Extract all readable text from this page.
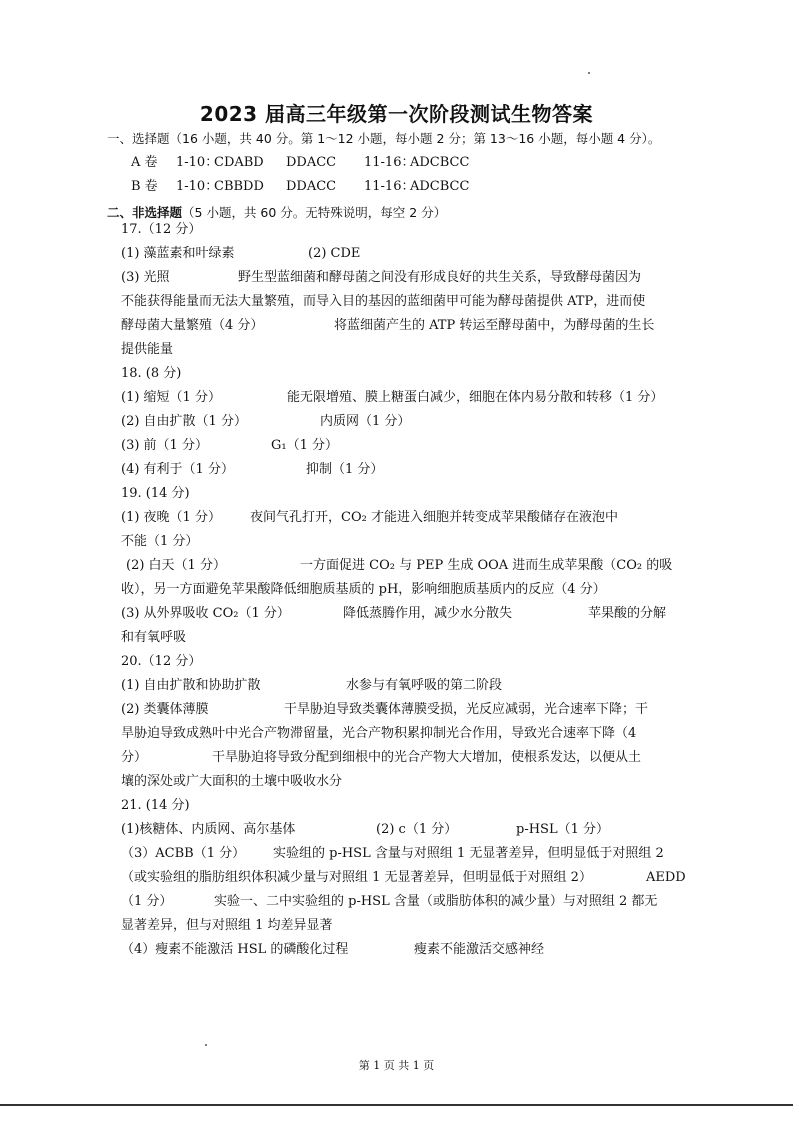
2023 届高三年级第一次阶段测试生物答案
一、选择题（16 小题，共 40 分。第 1～12 小题，每小题 2 分；第 13～16 小题，每小题 4 分）。
A 卷 1-10：
CDABD DDACC 11-16：
ADCBCC
B 卷 1-10：
CBBDD DDACC 11-16：
ADCBCC
二、非选择题（5 小题，共 60 分。无特殊说明，每空 2 分）
17.（12 分）
(1) 藻蓝素和叶绿素	(2) CDE
(3) 光照	野生型蓝细菌和酵母菌之间没有形成良好的共生关系，导致酵母菌因为
不能获得能量而无法大量繁殖，而导入目的基因的蓝细菌甲可能为酵母菌提供 ATP，进而使
酵母菌大量繁殖（4 分）	将蓝细菌产生的 ATP 转运至酵母菌中，为酵母菌的生长
提供能量
18. (8 分)
(1) 缩短（1 分）	能无限增殖、膜上糖蛋白减少，细胞在体内易分散和转移（1 分）
(2) 自由扩散（1 分）	内质网（1 分）
(3) 前（1 分）	G₁（1 分）
(4) 有利于（1 分）	抑制（1 分）
19. (14 分)
(1) 夜晚（1 分） 夜间气孔打开，CO₂ 才能进入细胞并转变成苹果酸储存在液泡中
不能（1 分）
(2) 白天（1 分）	一方面促进 CO₂ 与 PEP 生成 OOA 进而生成苹果酸（CO₂ 的吸
收），另一方面避免苹果酸降低细胞质基质的 pH，影响细胞质基质内的反应（4 分）
(3) 从外界吸收 CO₂（1 分）	降低蒸腾作用，减少水分散失	苹果酸的分解
和有氧呼吸
20.（12 分）
(1) 自由扩散和协助扩散	水参与有氧呼吸的第二阶段
(2) 类囊体薄膜	干旱胁迫导致类囊体薄膜受损，光反应减弱，光合速率下降；干
旱胁迫导致成熟叶中光合产物滞留量，光合产物积累抑制光合作用，导致光合速率下降（4
分）	干旱胁迫将导致分配到细根中的光合产物大大增加，使根系发达，以便从土
壤的深处或广大面积的土壤中吸收水分
21. (14 分)
(1)核糖体、内质网、高尔基体	(2) c（1 分）	p-HSL（1 分）
（3）ACBB（1 分） 实验组的 p-HSL 含量与对照组 1 无显著差异，但明显低于对照组 2
（或实验组的脂肪组织体积减少量与对照组 1 无显著差异，但明显低于对照组 2）	AEDD
（1 分）	实验一、二中实验组的 p-HSL 含量（或脂肪体积的减少量）与对照组 2 都无
显著差异，但与对照组 1 均差异显著
（4）瘦素不能激活 HSL 的磷酸化过程	瘦素不能激活交感神经
第 1 页 共 1 页
